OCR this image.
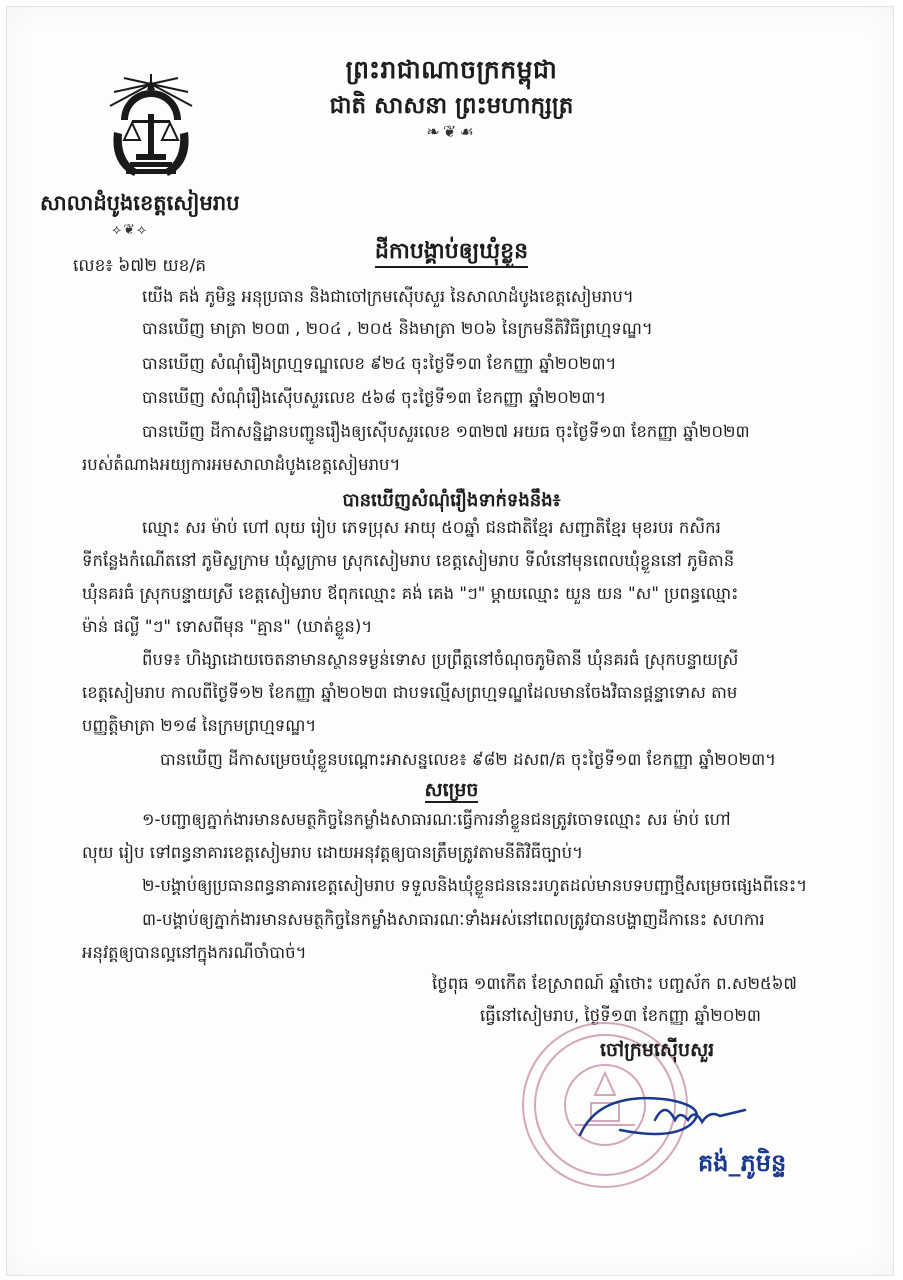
ព្រះរាជាណាចក្រកម្ពុជា
ជាតិ សាសនា ព្រះមហាក្សត្រ
❧❦☙
សាលាដំបូងខេត្តសៀមរាប
⟡❦⟡
លេខ៖ ៦៧២ យខ/គ
ដីកាបង្គាប់ឲ្យឃុំខ្លួន
យើង គង់ ភូមិន្ទ អនុប្រធាន និងជាចៅក្រមស៊ើបសួរ នៃសាលាដំបូងខេត្តសៀមរាប។
បានឃើញ មាត្រា ២០៣ , ២០៤ , ២០៥ និងមាត្រា ២០៦ នៃក្រមនីតិវិធីព្រហ្មទណ្ឌ។
បានឃើញ សំណុំរឿងព្រហ្មទណ្ឌលេខ ៩២៤ ចុះថ្ងៃទី១៣ ខែកញ្ញា ឆ្នាំ២០២៣។
បានឃើញ សំណុំរឿងស៊ើបសួរលេខ ៥៦៨ ចុះថ្ងៃទី១៣ ខែកញ្ញា ឆ្នាំ២០២៣។
បានឃើញ ដីកាសន្និដ្ឋានបញ្ជូនរឿងឲ្យស៊ើបសួរលេខ ១៣២៧ អយធ ចុះថ្ងៃទី១៣ ខែកញ្ញា ឆ្នាំ២០២៣
របស់តំណាងអយ្យការអមសាលាដំបូងខេត្តសៀមរាប។
បានឃើញសំណុំរឿងទាក់ទងនឹង៖
ឈ្មោះ សរ ម៉ាប់ ហៅ លុយ រៀប ភេទប្រុស អាយុ ៥០ឆ្នាំ ជនជាតិខ្មែរ សញ្ជាតិខ្មែរ មុខរបរ កសិករ
ទីកន្លែងកំណើតនៅ ភូមិស្លក្រាម ឃុំស្លក្រាម ស្រុកសៀមរាប ខេត្តសៀមរាប ទីលំនៅមុនពេលឃុំខ្លួននៅ ភូមិតានី
ឃុំនគរធំ ស្រុកបន្ទាយស្រី ខេត្តសៀមរាប ឪពុកឈ្មោះ គង់ គេង "ៗ" ម្តាយឈ្មោះ យួន យន "ស" ប្រពន្ធឈ្មោះ
ម៉ាន់ ផល្លី "ៗ" ទោសពីមុន "គ្មាន" (ឃាត់ខ្លួន)។
ពីបទ៖ ហិង្សាដោយចេតនាមានស្ថានទម្ងន់ទោស ប្រព្រឹត្តនៅចំណុចភូមិតានី ឃុំនគរធំ ស្រុកបន្ទាយស្រី
ខេត្តសៀមរាប កាលពីថ្ងៃទី១២ ខែកញ្ញា ឆ្នាំ២០២៣ ជាបទល្មើសព្រហ្មទណ្ឌដែលមានចែងវិធានផ្តន្ទាទោស តាម
បញ្ញត្តិមាត្រា ២១៨ នៃក្រមព្រហ្មទណ្ឌ។
បានឃើញ ដីកាសម្រេចឃុំខ្លួនបណ្តោះអាសន្នលេខ៖ ៩៨២ ដសព/គ ចុះថ្ងៃទី១៣ ខែកញ្ញា ឆ្នាំ២០២៣។
សម្រេច
១-បញ្ជាឲ្យភ្នាក់ងារមានសមត្ថកិច្ចនៃកម្លាំងសាធារណៈធ្វើការនាំខ្លួនជនត្រូវចោទឈ្មោះ សរ ម៉ាប់ ហៅ
លុយ រៀប ទៅពន្ធនាគារខេត្តសៀមរាប ដោយអនុវត្តឲ្យបានត្រឹមត្រូវតាមនីតិវិធីច្បាប់។
២-បង្គាប់ឲ្យប្រធានពន្ធនាគារខេត្តសៀមរាប ទទួលនិងឃុំខ្លួនជននេះរហូតដល់មានបទបញ្ជាថ្មីសម្រេចផ្សេងពីនេះ។
៣-បង្គាប់ឲ្យភ្នាក់ងារមានសមត្ថកិច្ចនៃកម្លាំងសាធារណៈទាំងអស់នៅពេលត្រូវបានបង្ហាញដីកានេះ សហការ
អនុវត្តឲ្យបានល្អនៅក្នុងករណីចាំបាច់។
ថ្ងៃពុធ ១៣កេីត ខែស្រាពណ៍ ឆ្នាំថោះ បញ្ចស័ក ព.ស២៥៦៧
ធ្វើនៅសៀមរាប, ថ្ងៃទី១៣ ខែកញ្ញា ឆ្នាំ២០២៣
ចៅក្រមស៊ើបសួរ
គង់_ភូមិន្ទ
